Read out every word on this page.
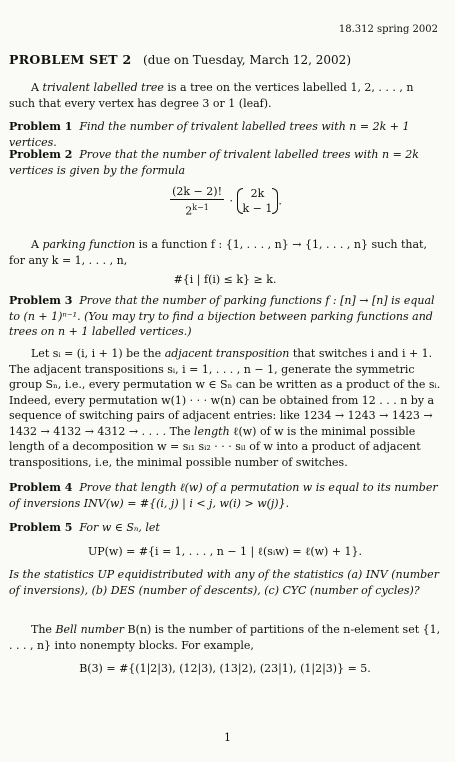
18.312 spring 2002
PROBLEM SET 2 (due on Tuesday, March 12, 2002)

A trivalent labelled tree is a tree on the vertices labelled 1, 2, . . . , n such that every vertex has degree 3 or 1 (leaf).

Problem 1 Find the number of trivalent labelled trees with n = 2k + 1 vertices.

Problem 2 Prove that the number of trivalent labelled trees with n = 2k vertices is given by the formula

$\frac{(2k - 2)!}{2^{k-1}}$ ·
2k
k − 1
.

A parking function is a function f : {1, . . . , n} → {1, . . . , n} such that, for any k = 1, . . . , n,

#{i | f(i) ≤ k} ≥ k.

Problem 3 Prove that the number of parking functions f : [n] → [n] is equal to (n + 1)ⁿ⁻¹. (You may try to find a bijection between parking functions and trees on n + 1 labelled vertices.)

Let sᵢ = (i, i + 1) be the adjacent transposition that switches i and i + 1. The adjacent transpositions sᵢ, i = 1, . . . , n − 1, generate the symmetric group Sₙ, i.e., every permutation w ∈ Sₙ can be written as a product of the sᵢ. Indeed, every permutation w(1) · · · w(n) can be obtained from 12 . . . n by a sequence of switching pairs of adjacent entries: like 1234 → 1243 → 1423 → 1432 → 4132 → 4312 → . . . . The length ℓ(w) of w is the minimal possible length of a decomposition w = sᵢ₁ sᵢ₂ · · · sᵢₗ of w into a product of adjacent transpositions, i.e, the minimal possible number of switches.

Problem 4 Prove that length ℓ(w) of a permutation w is equal to its number of inversions INV(w) = #{(i, j) | i < j, w(i) > w(j)}.

Problem 5 For w ∈ Sₙ, let

UP(w) = #{i = 1, . . . , n − 1 | ℓ(sᵢw) = ℓ(w) + 1}.

Is the statistics UP equidistributed with any of the statistics (a) INV (number of inversions), (b) DES (number of descents), (c) CYC (number of cycles)?

The Bell number B(n) is the number of partitions of the n-element set {1, . . . , n} into nonempty blocks. For example,

B(3) = #{(1|2|3), (12|3), (13|2), (23|1), (1|2|3)} = 5.
1
